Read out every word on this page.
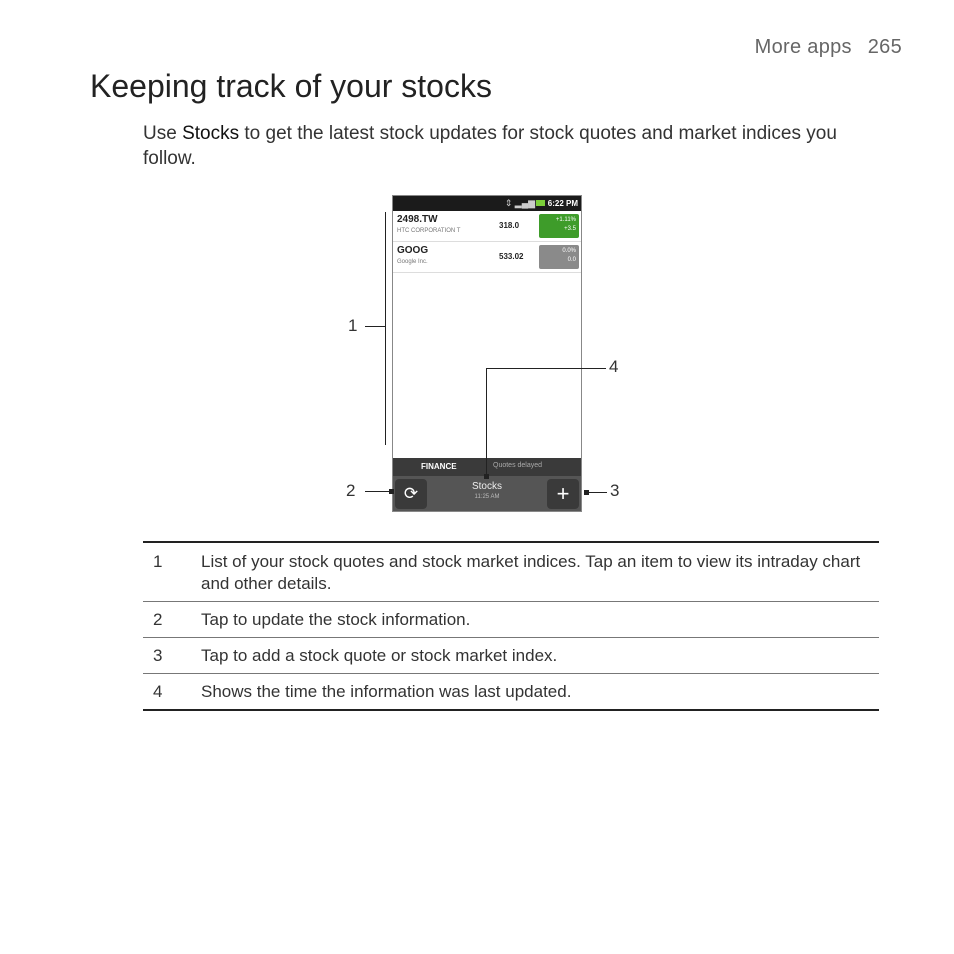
More apps 265
Keeping track of your stocks

Use Stocks to get the latest stock updates for stock quotes and market indices you follow.

⇕ ▂▄▆ 6:22 PM
2498.TW
HTC CORPORATION T
318.0
+1.11%
+3.5
GOOG
Google Inc.
533.02
0.0%
0.0
FINANCE	Quotes delayed
⟳	Stocks
11:25 AM	+
1
2	3
4
1	List of your stock quotes and stock market indices. Tap an item to view its intraday chart and other details.
2	Tap to update the stock information.
3	Tap to add a stock quote or stock market index.
4	Shows the time the information was last updated.
